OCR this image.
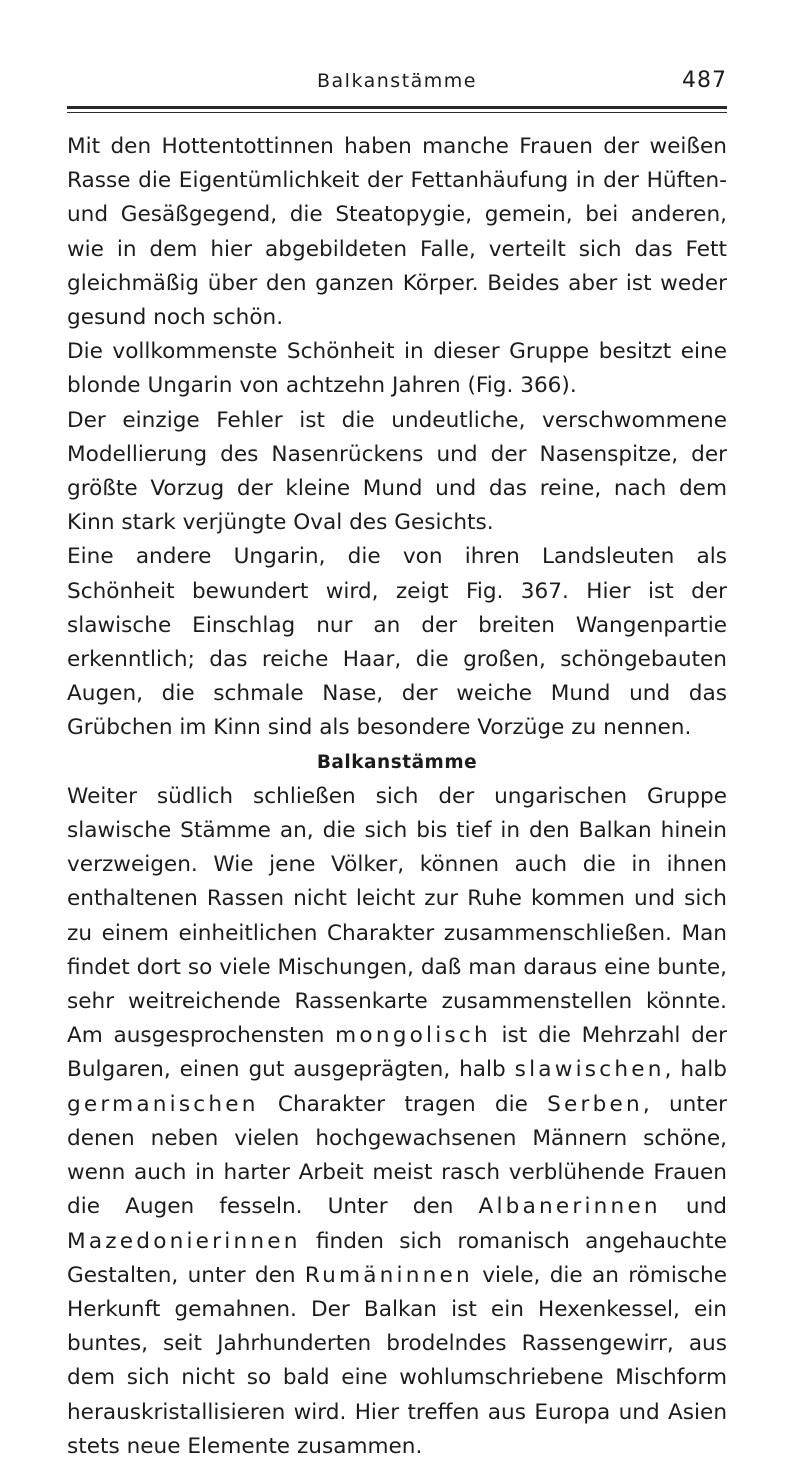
Balkanstämme	487

Mit den Hottentottinnen haben manche Frauen der weißen Rasse die Eigentümlichkeit der Fettanhäufung in der Hüften- und Gesäßgegend, die Steatopygie, gemein, bei anderen, wie in dem hier abgebildeten Falle, verteilt sich das Fett gleichmäßig über den ganzen Körper. Beides aber ist weder gesund noch schön.

Die vollkommenste Schönheit in dieser Gruppe besitzt eine blonde Ungarin von achtzehn Jahren (Fig. 366).

Der einzige Fehler ist die undeutliche, verschwommene Modellierung des Nasenrückens und der Nasenspitze, der größte Vorzug der kleine Mund und das reine, nach dem Kinn stark verjüngte Oval des Gesichts.

Eine andere Ungarin, die von ihren Landsleuten als Schönheit bewundert wird, zeigt Fig. 367. Hier ist der slawische Einschlag nur an der breiten Wangenpartie erkenntlich; das reiche Haar, die großen, schöngebauten Augen, die schmale Nase, der weiche Mund und das Grübchen im Kinn sind als besondere Vorzüge zu nennen.

Balkanstämme

Weiter südlich schließen sich der ungarischen Gruppe slawische Stämme an, die sich bis tief in den Balkan hinein verzweigen. Wie jene Völker, können auch die in ihnen enthaltenen Rassen nicht leicht zur Ruhe kommen und sich zu einem einheitlichen Charakter zusammenschließen. Man findet dort so viele Mischungen, daß man daraus eine bunte, sehr weitreichende Rassenkarte zusammenstellen könnte. Am ausgesprochensten mongolisch ist die Mehrzahl der Bulgaren, einen gut ausgeprägten, halb slawischen, halb germanischen Charakter tragen die Serben, unter denen neben vielen hochgewachsenen Männern schöne, wenn auch in harter Arbeit meist rasch verblühende Frauen die Augen fesseln. Unter den Albanerinnen und Mazedonierinnen finden sich romanisch angehauchte Gestalten, unter den Rumäninnen viele, die an römische Herkunft gemahnen. Der Balkan ist ein Hexenkessel, ein buntes, seit Jahrhunderten brodelndes Rassengewirr, aus dem sich nicht so bald eine wohlumschriebene Mischform herauskristallisieren wird. Hier treffen aus Europa und Asien stets neue Elemente zusammen.
